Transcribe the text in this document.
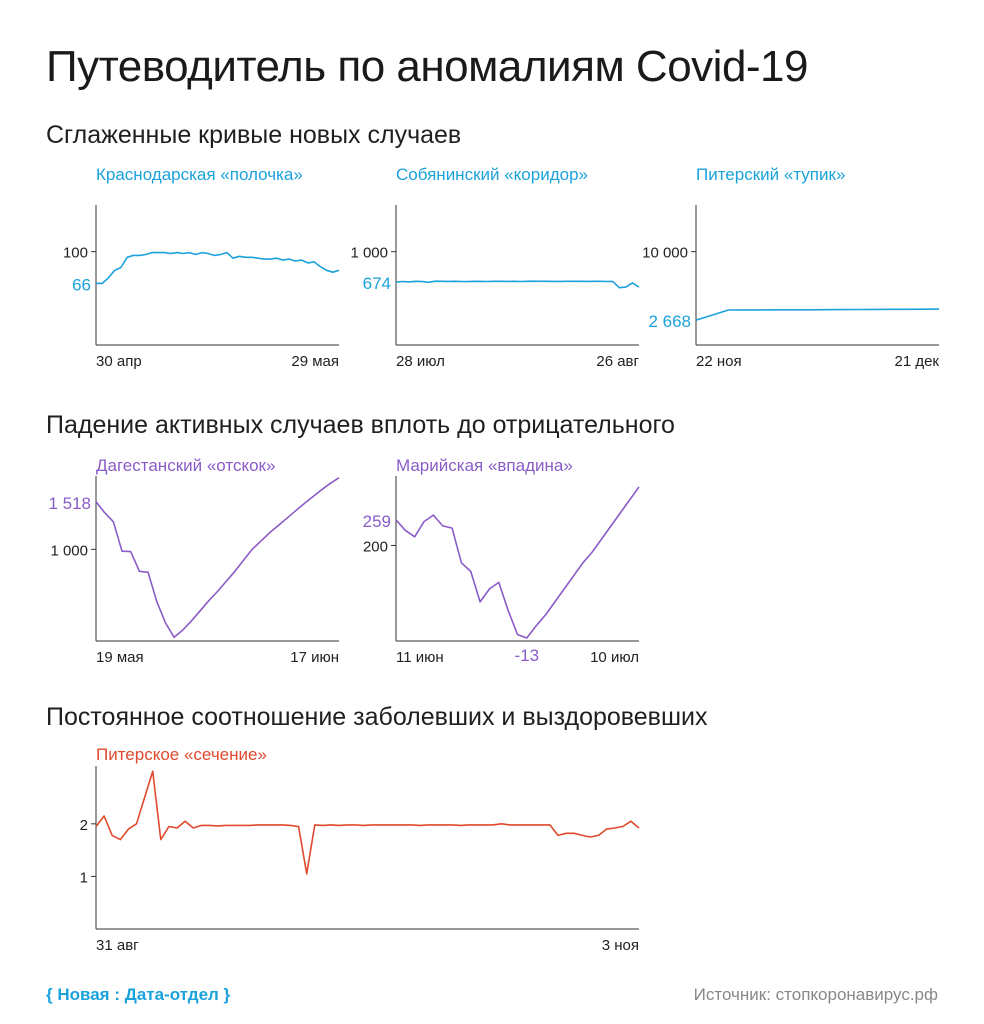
Путеводитель по аномалиям Covid-19
Сглаженные кривые новых случаев
Падение активных случаев вплоть до отрицательного
Постоянное соотношение заболевших и выздоровевших
Краснодарская «полочка»	Собянинский «коридор»	Питерский «тупик»
Дагестанский «отскок»	Марийская «впадина»
Питерское «сечение»
100
66
30 апр	29 мая
1 000
674
28 июл	26 авг
10 000
2 668
22 ноя	21 дек
1 000
1 518
19 мая	17 июн
200
259
11 июн	10 июл
-13
2
1
31 авг	3 ноя
{ Новая : Дата-отдел }	Источник: стопкоронавирус.рф
